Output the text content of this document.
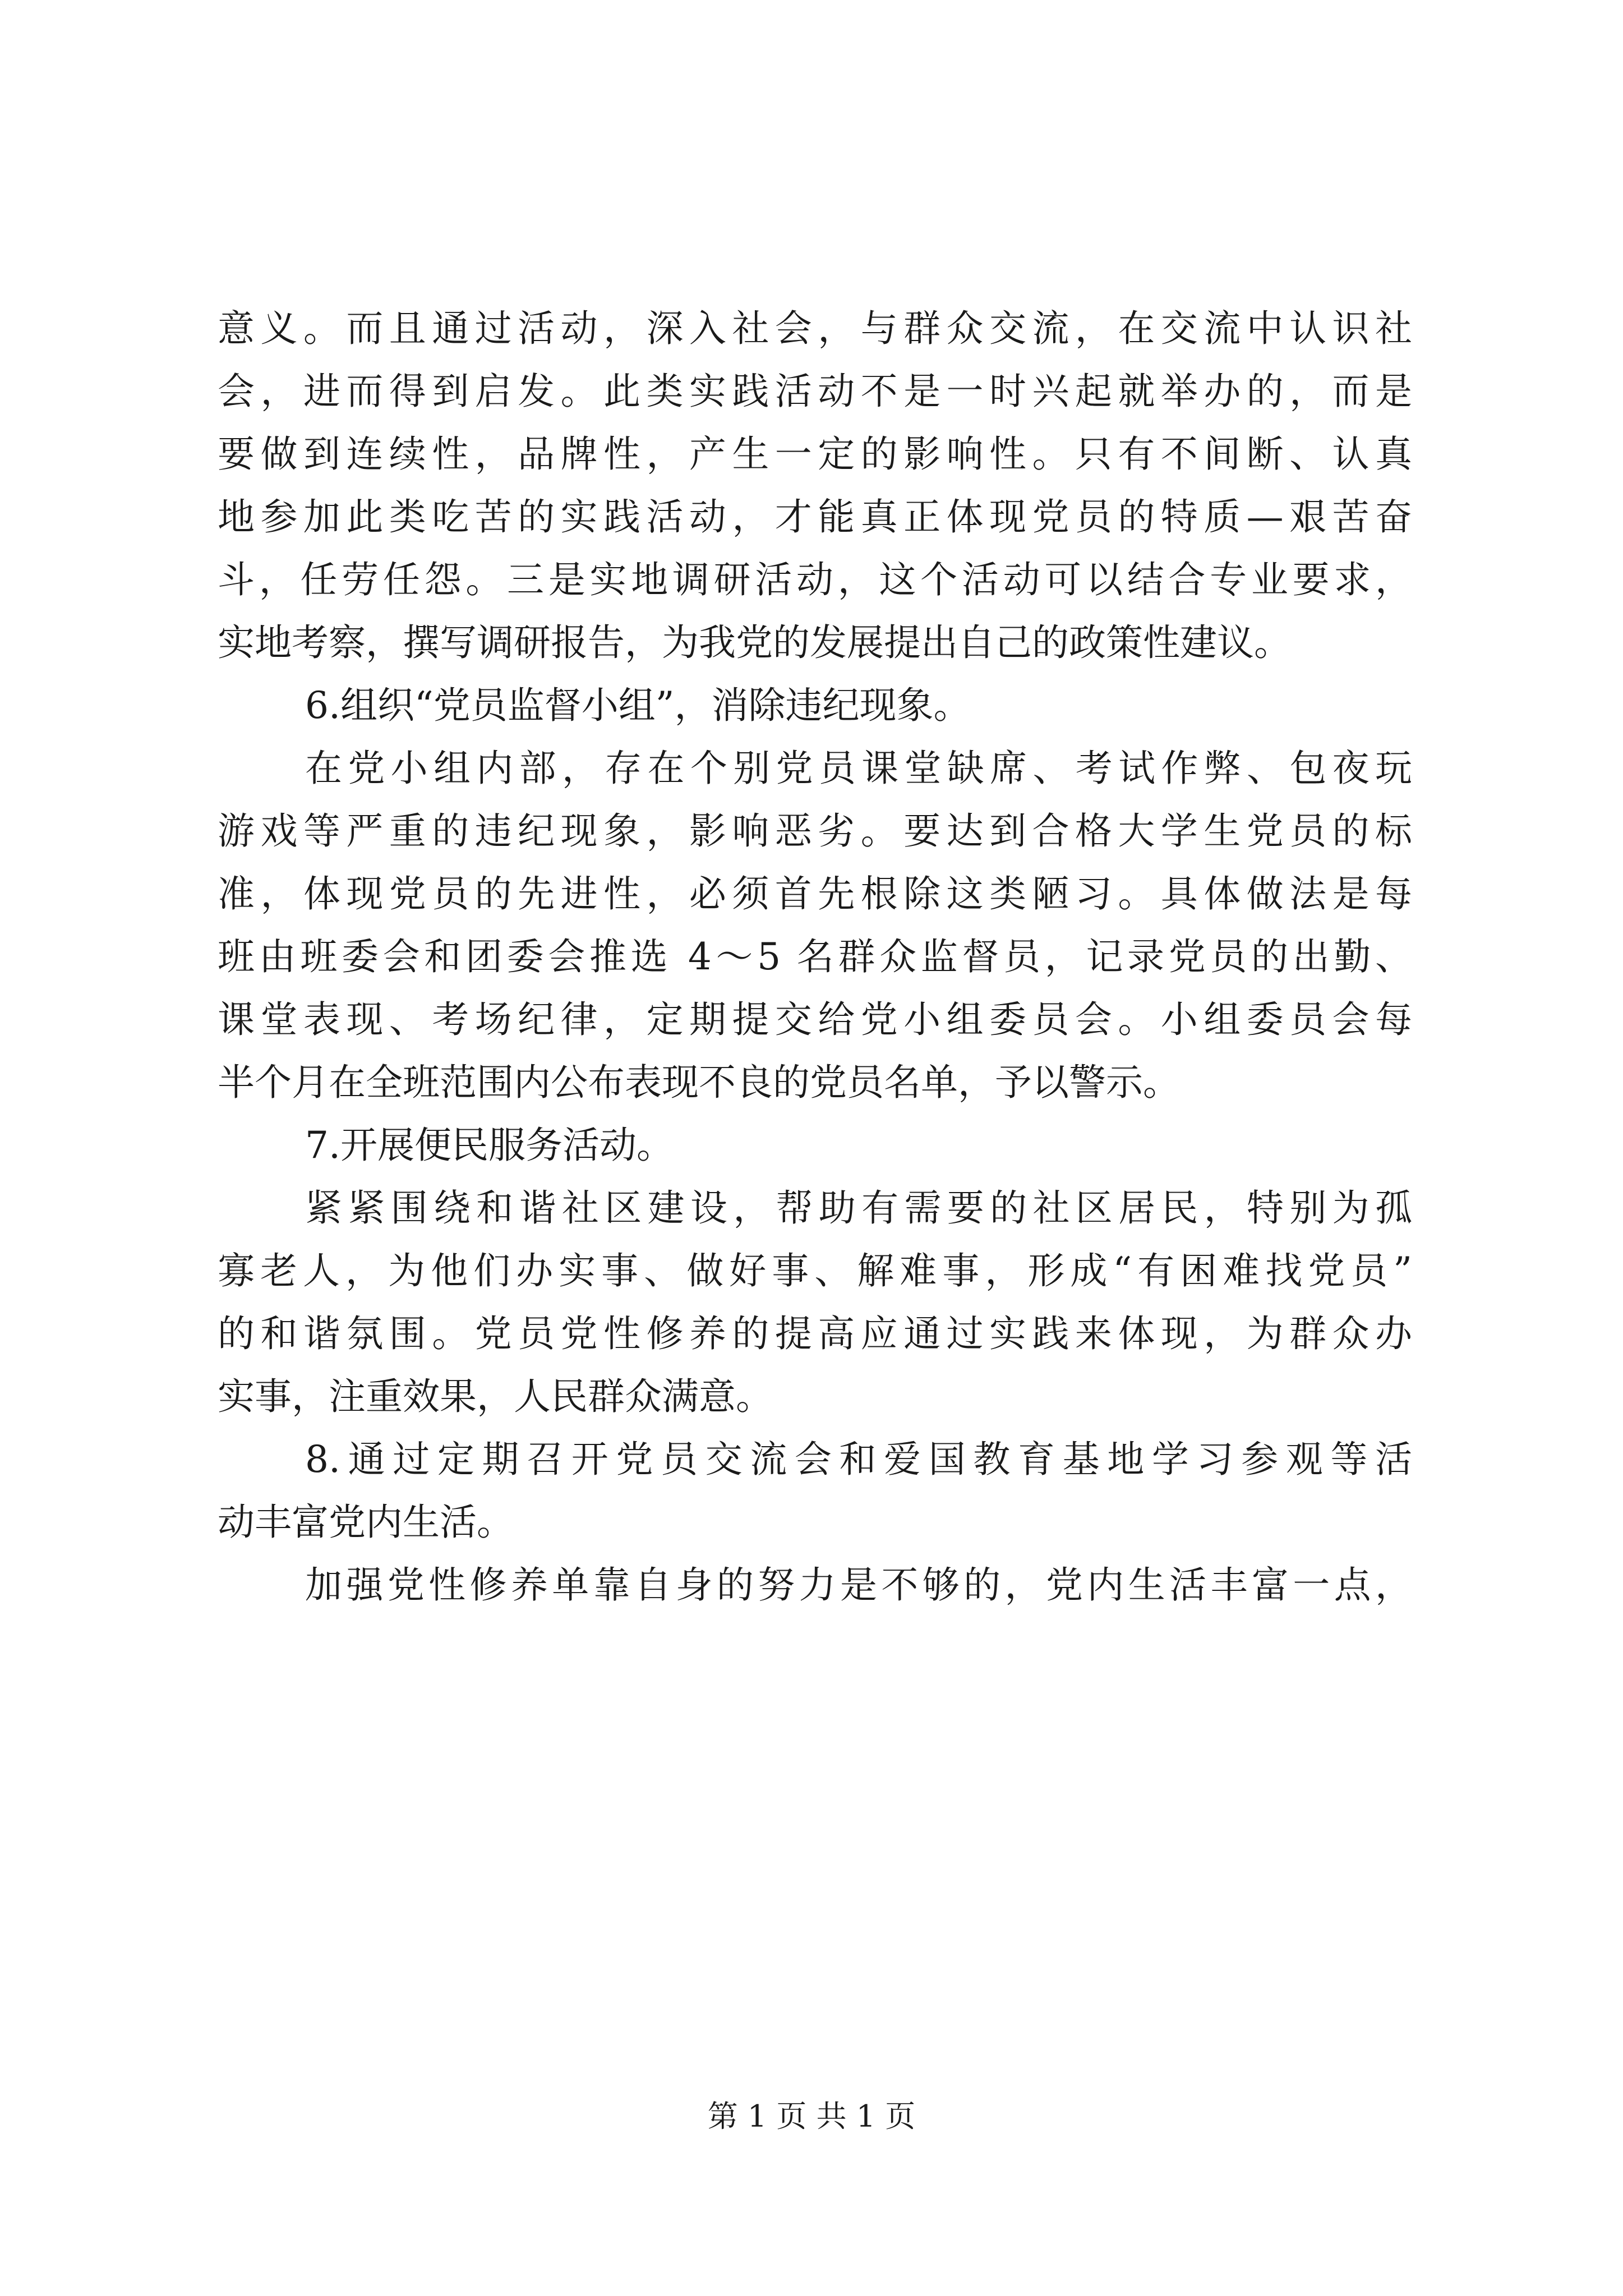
意义。而且通过活动，深入社会，与群众交流，在交流中认识社
会，进而得到启发。此类实践活动不是一时兴起就举办的，而是
要做到连续性，品牌性，产生一定的影响性。只有不间断、认真
地参加此类吃苦的实践活动，才能真正体现党员的特质—艰苦奋
斗，任劳任怨。三是实地调研活动，这个活动可以结合专业要求，
实地考察，撰写调研报告，为我党的发展提出自己的政策性建议。
6.组织“党员监督小组”，消除违纪现象。
在党小组内部，存在个别党员课堂缺席、考试作弊、包夜玩
游戏等严重的违纪现象，影响恶劣。要达到合格大学生党员的标
准，体现党员的先进性，必须首先根除这类陋习。具体做法是每
班由班委会和团委会推选 4～5 名群众监督员，记录党员的出勤、
课堂表现、考场纪律，定期提交给党小组委员会。小组委员会每
半个月在全班范围内公布表现不良的党员名单，予以警示。
7.开展便民服务活动。
紧紧围绕和谐社区建设，帮助有需要的社区居民，特别为孤
寡老人，为他们办实事、做好事、解难事，形成“有困难找党员”
的和谐氛围。党员党性修养的提高应通过实践来体现，为群众办
实事，注重效果，人民群众满意。
8.通过定期召开党员交流会和爱国教育基地学习参观等活
动丰富党内生活。
加强党性修养单靠自身的努力是不够的，党内生活丰富一点，
第 1 页 共 1 页
